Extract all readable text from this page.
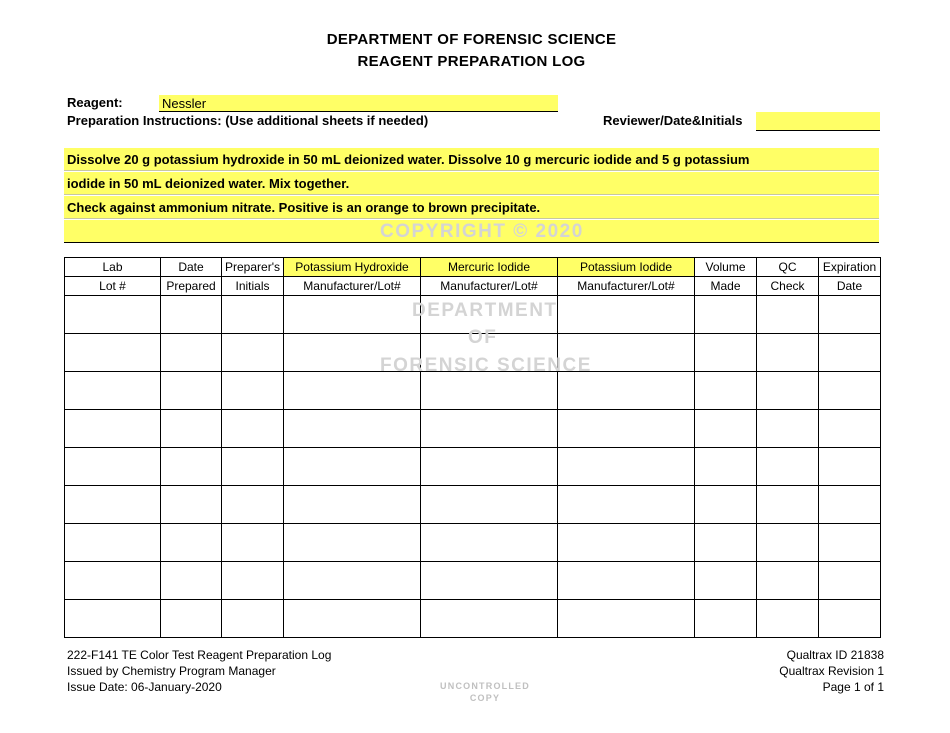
DEPARTMENT OF FORENSIC SCIENCE
REAGENT PREPARATION LOG
Reagent:	Nessler
Preparation Instructions: (Use additional sheets if needed)	Reviewer/Date&Initials
Dissolve 20 g potassium hydroxide in 50 mL deionized water. Dissolve 10 g mercuric iodide and 5 g potassium
iodide in 50 mL deionized water. Mix together.
Check against ammonium nitrate. Positive is an orange to brown precipitate.
COPYRIGHT © 2020
Lab	Date	Preparer's	Potassium Hydroxide	Mercuric Iodide	Potassium Iodide	Volume	QC	Expiration
Lot #	Prepared	Initials	Manufacturer/Lot#	Manufacturer/Lot#	Manufacturer/Lot#	Made	Check	Date

DEPARTMENT
OF
FORENSIC SCIENCE
222-F141 TE Color Test Reagent Preparation Log
Issued by Chemistry Program Manager
Issue Date: 06-January-2020
Qualtrax ID 21838
Qualtrax Revision 1
Page 1 of 1
UNCONTROLLED
COPY
